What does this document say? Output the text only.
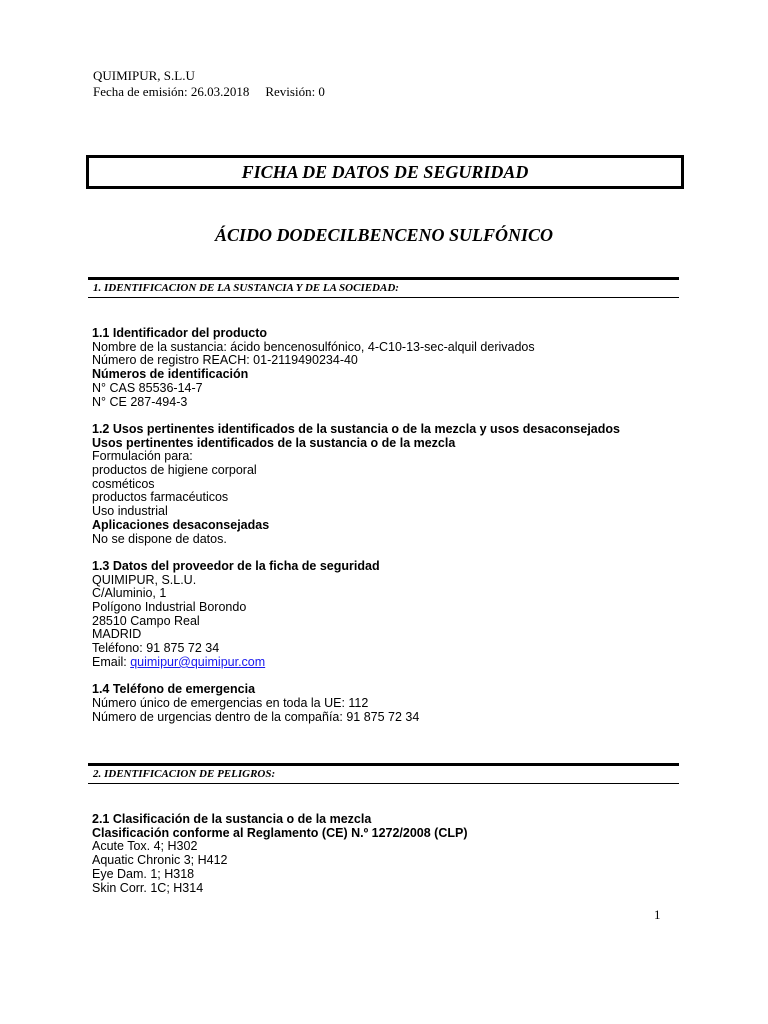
QUIMIPUR, S.L.U
Fecha de emisión: 26.03.2018 Revisión: 0
FICHA DE DATOS DE SEGURIDAD
ÁCIDO DODECILBENCENO SULFÓNICO
1. IDENTIFICACION DE LA SUSTANCIA Y DE LA SOCIEDAD:
1.1 Identificador del producto
Nombre de la sustancia: ácido bencenosulfónico, 4-C10-13-sec-alquil derivados
Número de registro REACH: 01-2119490234-40
Números de identificación
N° CAS 85536-14-7
N° CE 287-494-3
1.2 Usos pertinentes identificados de la sustancia o de la mezcla y usos desaconsejados
Usos pertinentes identificados de la sustancia o de la mezcla
Formulación para:
productos de higiene corporal
cosméticos
productos farmacéuticos
Uso industrial
Aplicaciones desaconsejadas
No se dispone de datos.
1.3 Datos del proveedor de la ficha de seguridad
QUIMIPUR, S.L.U.
C/Aluminio, 1
Polígono Industrial Borondo
28510 Campo Real
MADRID
Teléfono: 91 875 72 34
Email: quimipur@quimipur.com
1.4 Teléfono de emergencia
Número único de emergencias en toda la UE: 112
Número de urgencias dentro de la compañía: 91 875 72 34
2. IDENTIFICACION DE PELIGROS:
2.1 Clasificación de la sustancia o de la mezcla
Clasificación conforme al Reglamento (CE) N.º 1272/2008 (CLP)
Acute Tox. 4; H302
Aquatic Chronic 3; H412
Eye Dam. 1; H318
Skin Corr. 1C; H314
1
